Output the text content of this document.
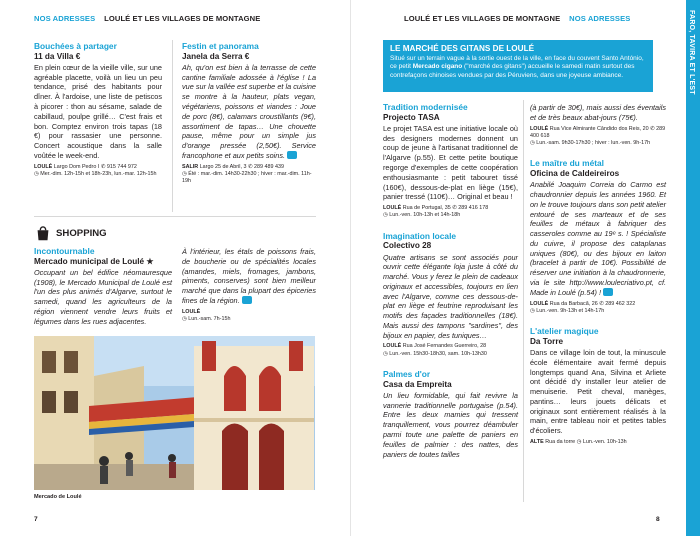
NOS ADRESSES LOULÉ ET LES VILLAGES DE MONTAGNE
Bouchées à partager
11 da Villa €
En plein cœur de la vieille ville, sur une agréable placette, voilà un lieu un peu tendance, prisé des habitants pour dîner. À l'ardoise, une liste de petiscos à picorer : thon au sésame, salade de cabillaud, poulpe grillé… C'est frais et bon. Comptez environ trois tapas (18 €) pour rassasier une personne. Concert acoustique dans la salle voûtée le week-end.
LOULÉ Largo Dom Pedro I ✆ 915 744 972
◷ Mer.-dim. 12h-15h et 18h-23h, lun.-mar. 12h-15h
Festin et panorama
Janela da Serra €
Ah, qu'on est bien à la terrasse de cette cantine familiale adossée à l'église ! La vue sur la vallée est superbe et la cuisine se montre à la hauteur, plats vegan, végétariens, poissons et viandes : Joue de porc (8€), calamars croustillants (9€), assortiment de tapas… Une chouette pause, même pour un simple jus d'orange pressée (2,50€). Service francophone et aux petits soins.
SALIR Largo 25 de Abril, 3 ✆ 289 489 439
◷ Été : mar.-dim. 14h30-22h30 ; hiver : mar.-dim. 11h-19h
SHOPPING
Incontournable
Mercado municipal de Loulé ★
Occupant un bel édifice néomauresque (1908), le Mercado Municipal de Loulé est l'un des plus animés d'Algarve, surtout le samedi, quand les agriculteurs de la région viennent vendre leurs fruits et légumes dans les rues adjacentes.
À l'intérieur, les étals de poissons frais, de boucherie ou de spécialités locales (amandes, miels, fromages, jambons, piments, conserves) sont bien meilleur marché que dans la plupart des épiceries fines de la région.
LOULÉ
◷ Lun.-sam. 7h-15h
Mercado de Loulé
7
LOULÉ ET LES VILLAGES DE MONTAGNE NOS ADRESSES
LE MARCHÉ DES GITANS DE LOULÉ
Situé sur un terrain vague à la sortie ouest de la ville, en face du couvent Santo António, ce petit Mercado cigano ("marché des gitans") accueille le samedi matin surtout des contrefaçons chinoises vendues par des Péruviens, dans une joyeuse ambiance.
Tradition modernisée
Projecto TASA
Le projet TASA est une initiative locale où des designers modernes donnent un coup de jeune à l'artisanat traditionnel de l'Algarve (p.55). Et cette petite boutique regorge d'exemples de cette coopération enthousiasmante : petit tabouret tissé (160€), dessous-de-plat en liège (15€), panier tressé (110€)… Original et beau !
LOULÉ Rua de Portugal, 35 ✆ 289 416 178
◷ Lun.-ven. 10h-13h et 14h-18h
Imagination locale
Colectivo 28
Quatre artisans se sont associés pour ouvrir cette élégante loja juste à côté du marché. Vous y ferez le plein de cadeaux originaux et accessibles, toujours en lien avec l'Algarve, comme ces dessous-de-plat en liège et feutrine reproduisant les motifs des façades traditionnelles (18€). Mais aussi des tampons "sardines", des bijoux en papier, des tuniques…
LOULÉ Rua José Fernandes Guerreiro, 28
◷ Lun.-ven. 15h30-18h30, sam. 10h-13h30
Palmes d'or
Casa da Empreita
Un lieu formidable, qui fait revivre la vannerie traditionnelle portugaise (p.54). Entre les deux mamies qui tressent tranquillement, vous pourrez déambuler parmi toute une palette de paniers en feuilles de palmier : des nattes, des paniers de toutes tailles
(à partir de 30€), mais aussi des éventails et de très beaux abat-jours (75€).
LOULÉ Rua Vice Almirante Cândido dos Reis, 20 ✆ 289 400 618
◷ Lun.-sam. 9h30-17h30 ; hiver : lun.-ven. 9h-17h
Le maître du métal
Oficina de Caldeireiros
Anabilé Joaquim Correia do Carmo est chaudronnier depuis les années 1960. Et on le trouve toujours dans son petit atelier entouré de ses marteaux et de ses feuilles de métaux à fabriquer des casseroles comme au 19ᵉ s. ! Spécialiste du cuivre, il propose des cataplanas uniques (80€), ou des bijoux en laiton (bracelet à partir de 10€). Possibilité de réserver une initiation à la chaudronnerie, via le site http://www.loulecriativo.pt, cf. Made in Loulé (p.54) !
LOULÉ Rua da Barbacã, 26 ✆ 289 462 322
◷ Lun.-ven. 9h-13h et 14h-17h
L'atelier magique
Da Torre
Dans ce village loin de tout, la minuscule école élémentaire avait fermé depuis longtemps quand Ana, Silvina et Arliete ont décidé d'y installer leur atelier de menuiserie. Petit cheval, manèges, pantins… leurs jouets délicats et originaux sont entièrement réalisés à la main, entre tableau noir et petites tables d'écoliers.
ALTE Rua da torre ◷ Lun.-ven. 10h-13h
8
FARO, TAVIRA ET L'EST
